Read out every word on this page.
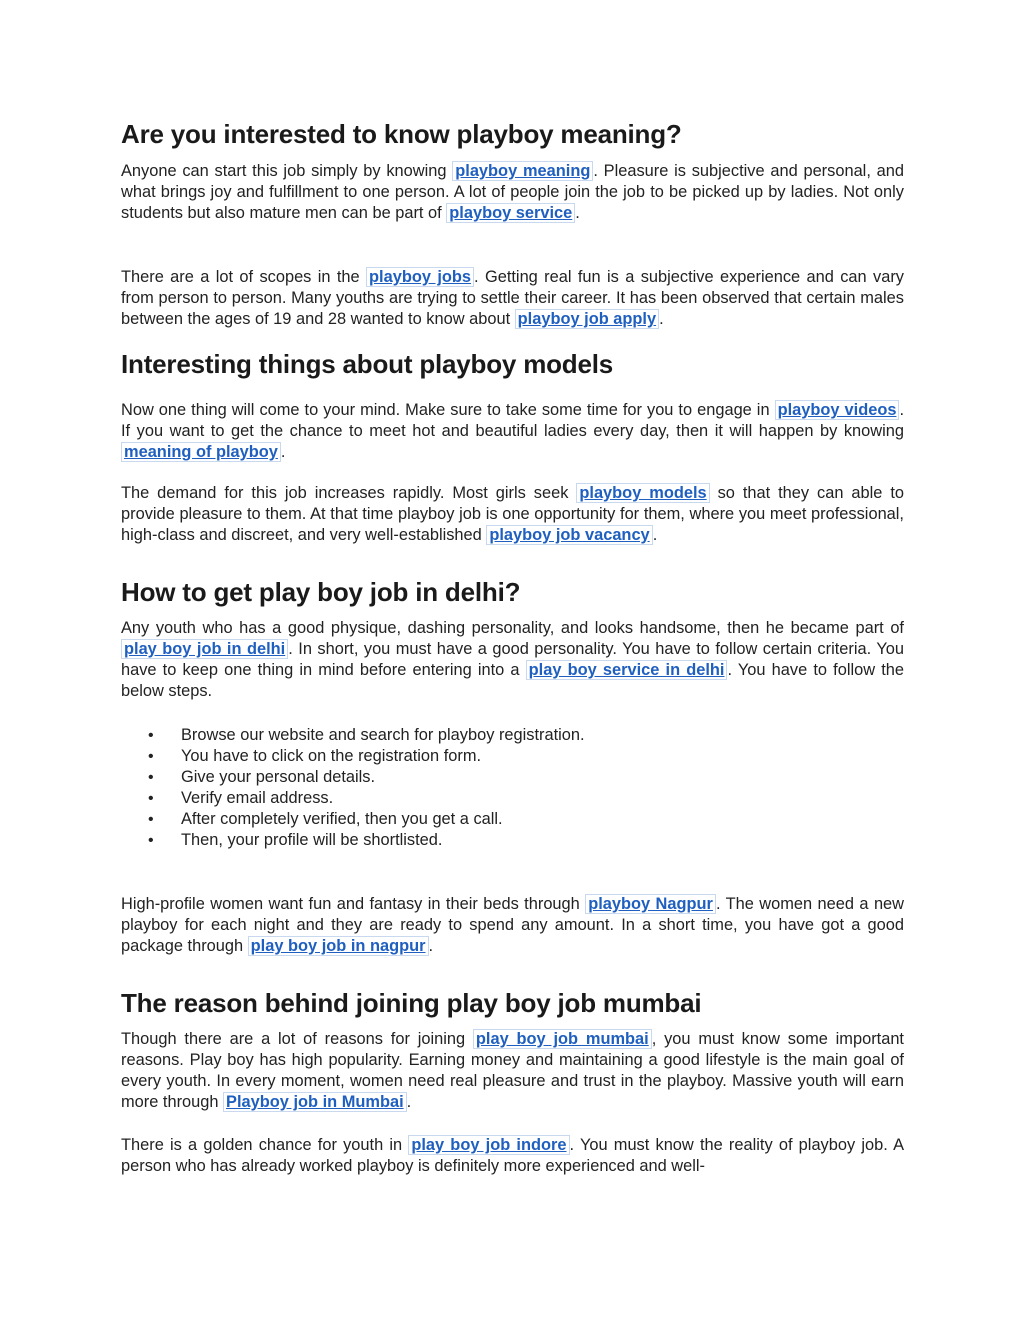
Are you interested to know playboy meaning?

Anyone can start this job simply by knowing playboy meaning . Pleasure is subjective and personal, and what brings joy and fulfillment to one person. A lot of people join the job to be picked up by ladies. Not only students but also mature men can be part of playboy service .

There are a lot of scopes in the playboy jobs . Getting real fun is a subjective experience and can vary from person to person. Many youths are trying to settle their career. It has been observed that certain males between the ages of 19 and 28 wanted to know about playboy job apply .

Interesting things about playboy models

Now one thing will come to your mind. Make sure to take some time for you to engage in playboy videos . If you want to get the chance to meet hot and beautiful ladies every day, then it will happen by knowing meaning of playboy .

The demand for this job increases rapidly. Most girls seek playboy models so that they can able to provide pleasure to them. At that time playboy job is one opportunity for them, where you meet professional, high-class and discreet, and very well-established playboy job vacancy .

How to get play boy job in delhi?

Any youth who has a good physique, dashing personality, and looks handsome, then he became part of play boy job in delhi . In short, you must have a good personality. You have to follow certain criteria. You have to keep one thing in mind before entering into a play boy service in delhi . You have to follow the below steps.

• Browse our website and search for playboy registration.
• You have to click on the registration form.
• Give your personal details.
• Verify email address.
• After completely verified, then you get a call.
• Then, your profile will be shortlisted.

High-profile women want fun and fantasy in their beds through playboy Nagpur . The women need a new playboy for each night and they are ready to spend any amount. In a short time, you have got a good package through play boy job in nagpur .

The reason behind joining play boy job mumbai

Though there are a lot of reasons for joining play boy job mumbai , you must know some important reasons. Play boy has high popularity. Earning money and maintaining a good lifestyle is the main goal of every youth. In every moment, women need real pleasure and trust in the playboy. Massive youth will earn more through Playboy job in Mumbai .

There is a golden chance for youth in play boy job indore . You must know the reality of playboy job. A person who has already worked playboy is definitely more experienced and well-
